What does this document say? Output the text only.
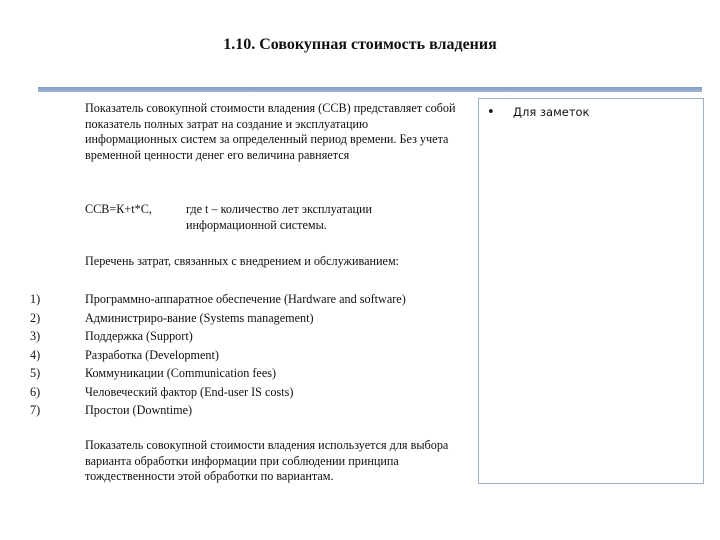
1.10. Совокупная стоимость владения
Показатель совокупной стоимости владения (ССВ) представляет собой показатель полных затрат на создание и эксплуатацию информационных систем за определенный период времени. Без учета временной ценности денег его величина равняется
ССВ=К+t*C,	где t – количество лет эксплуатации информационной системы.
Перечень затрат, связанных с внедрением и обслуживанием:
1)	Программно-аппаратное обеспечение (Hardware and software)
2)	Администриро-вание (Systems management)
3)	Поддержка (Support)
4)	Разработка (Development)
5)	Коммуникации (Communication fees)
6)	Человеческий фактор (End-user IS costs)
7)	Простои (Downtime)
Показатель совокупной стоимости владения используется для выбора варианта обработки информации при соблюдении принципа тождественности этой обработки по вариантам.
• Для заметок
